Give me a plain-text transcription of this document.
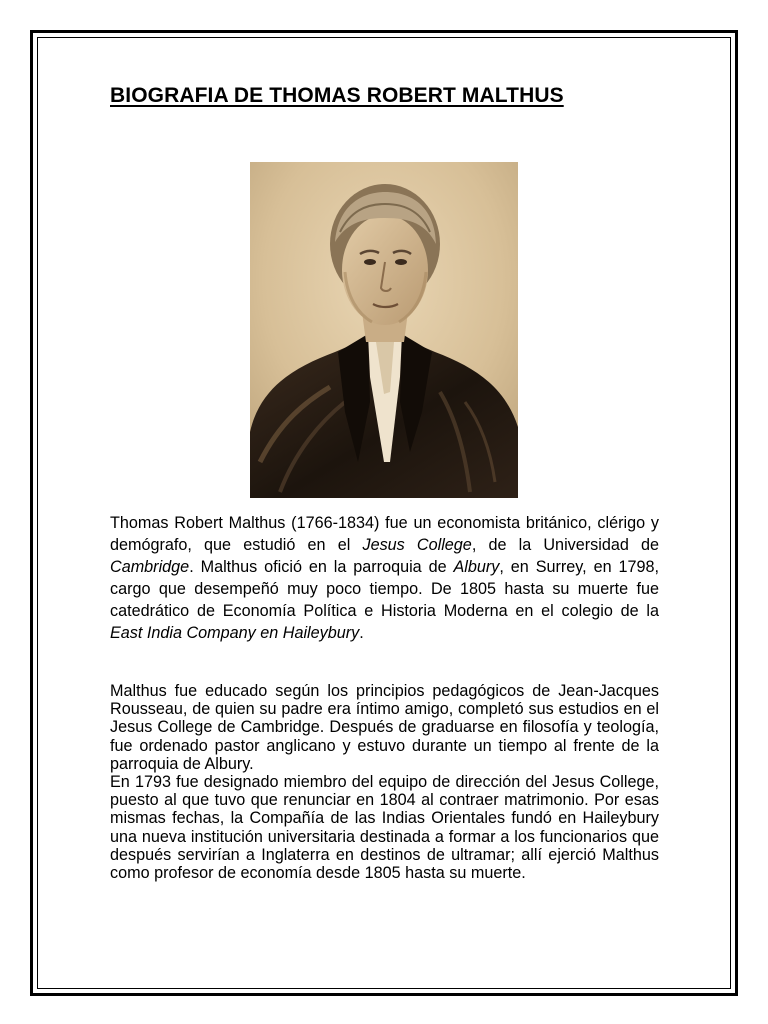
BIOGRAFIA DE THOMAS ROBERT MALTHUS

Thomas Robert Malthus (1766-1834) fue un economista británico, clérigo y demógrafo, que estudió en el Jesus College, de la Universidad de Cambridge. Malthus ofició en la parroquia de Albury, en Surrey, en 1798, cargo que desempeñó muy poco tiempo. De 1805 hasta su muerte fue catedrático de Economía Política e Historia Moderna en el colegio de la East India Company en Haileybury.

Malthus fue educado según los principios pedagógicos de Jean-Jacques Rousseau, de quien su padre era íntimo amigo, completó sus estudios en el Jesus College de Cambridge. Después de graduarse en filosofía y teología, fue ordenado pastor anglicano y estuvo durante un tiempo al frente de la parroquia de Albury.

En 1793 fue designado miembro del equipo de dirección del Jesus College, puesto al que tuvo que renunciar en 1804 al contraer matrimonio. Por esas mismas fechas, la Compañía de las Indias Orientales fundó en Haileybury una nueva institución universitaria destinada a formar a los funcionarios que después servirían a Inglaterra en destinos de ultramar; allí ejerció Malthus como profesor de economía desde 1805 hasta su muerte.
